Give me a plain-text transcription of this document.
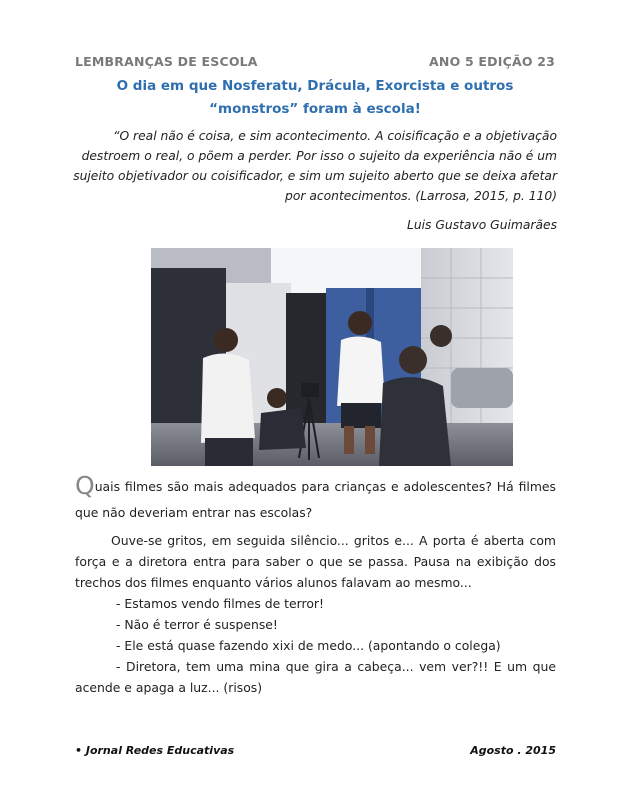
LEMBRANÇAS DE ESCOLA	ANO 5 EDIÇÃO 23
O dia em que Nosferatu, Drácula, Exorcista e outros
“monstros” foram à escola!
“O real não é coisa, e sim acontecimento. A coisificação e a objetivação destroem o real, o põem a perder. Por isso o sujeito da experiência não é um sujeito objetivador ou coisificador, e sim um sujeito aberto que se deixa afetar por acontecimentos. (Larrosa, 2015, p. 110)
Luis Gustavo Guimarães

Quais filmes são mais adequados para crianças e adolescentes? Há filmes que não deveriam entrar nas escolas?

Ouve-se gritos, em seguida silêncio... gritos e... A porta é aberta com força e a diretora entra para saber o que se passa. Pausa na exibição dos trechos dos filmes enquanto vários alunos falavam ao mesmo...

- Estamos vendo filmes de terror!

- Não é terror é suspense!

- Ele está quase fazendo xixi de medo... (apontando o colega)

- Diretora, tem uma mina que gira a cabeça... vem ver?!! E um que acende e apaga a luz... (risos)

• Jornal Redes Educativas	Agosto . 2015
